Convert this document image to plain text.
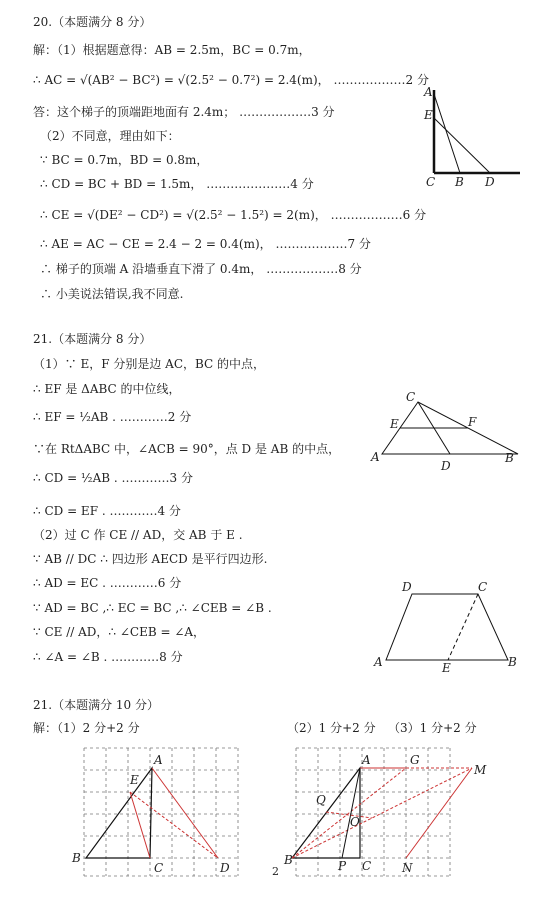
20.（本题满分 8 分）
解：（1）根据题意得：AB = 2.5m，BC = 0.7m，
∴ AC = √(AB² − BC²) = √(2.5² − 0.7²) = 2.4(m)， ………………2 分
答：这个梯子的顶端距地面有 2.4m； ………………3 分
（2）不同意，理由如下：
∵ BC = 0.7m，BD = 0.8m，
∴ CD = BC + BD = 1.5m， …………………4 分
∴ CE = √(DE² − CD²) = √(2.5² − 1.5²) = 2(m)， ………………6 分
∴ AE = AC − CE = 2.4 − 2 = 0.4(m)， ………………7 分
∴ 梯子的顶端 A 沿墙垂直下滑了 0.4m， ………………8 分
∴ 小美说法错误,我不同意.
A
E
C B D
21.（本题满分 8 分）
（1）∵ E，F 分别是边 AC，BC 的中点，
∴ EF 是 ΔABC 的中位线，
∴ EF = ½AB . …………2 分
∵在 RtΔABC 中，∠ACB = 90°，点 D 是 AB 的中点，
∴ CD = ½AB . …………3 分
∴ CD = EF . …………4 分
（2）过 C 作 CE // AD，交 AB 于 E .
∵ AB // DC ∴ 四边形 AECD 是平行四边形.
∴ AD = EC . …………6 分
∵ AD = BC ,∴ EC = BC ,∴ ∠CEB = ∠B .
∵ CE // AD，∴ ∠CEB = ∠A，
∴ ∠A = ∠B . …………8 分
C
E	F
A
D
B
D	C
A	E	B
21.（本题满分 10 分）
解：（1）2 分+2 分	（2）1 分+2 分 （3）1 分+2 分
A
E
B
C	D
A	G
M
Q
O
B	P C	N
2
